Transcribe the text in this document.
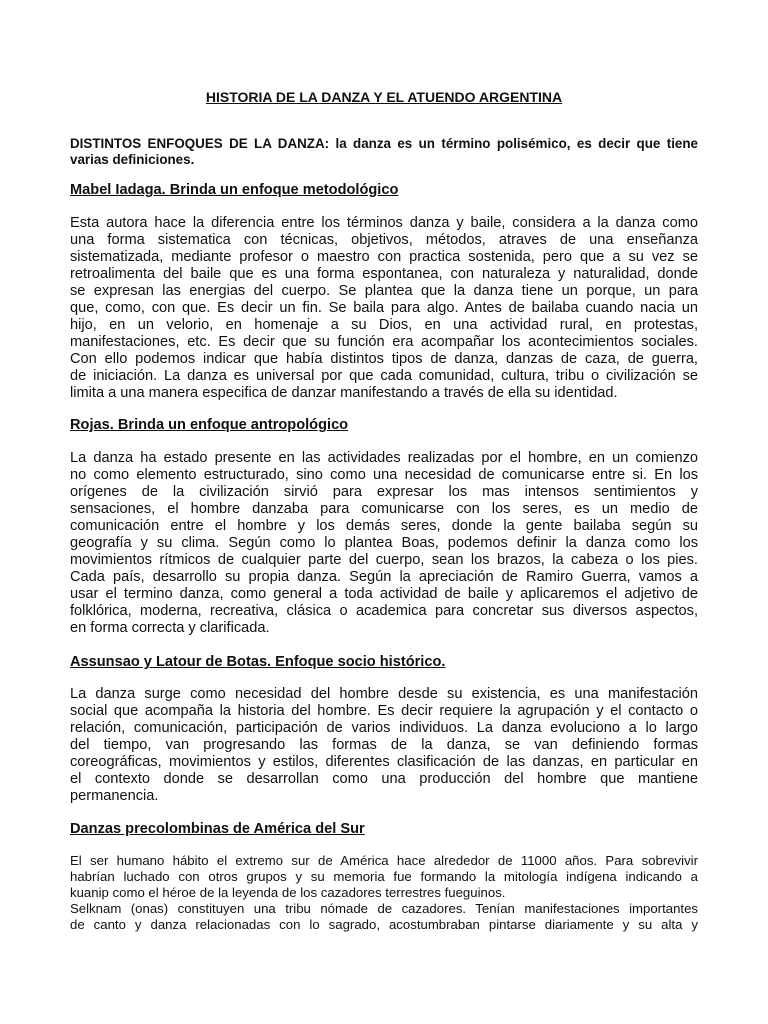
HISTORIA DE LA DANZA Y EL ATUENDO ARGENTINA

DISTINTOS ENFOQUES DE LA DANZA: la danza es un término polisémico, es decir que tiene varias definiciones.

Mabel Iadaga. Brinda un enfoque metodológico
Esta autora hace la diferencia entre los términos danza y baile, considera a la danza como
una forma sistematica con técnicas, objetivos, métodos, atraves de una enseñanza
sistematizada, mediante profesor o maestro con practica sostenida, pero que a su vez se
retroalimenta del baile que es una forma espontanea, con naturaleza y naturalidad, donde
se expresan las energias del cuerpo. Se plantea que la danza tiene un porque, un para
que, como, con que. Es decir un fin. Se baila para algo. Antes de bailaba cuando nacia un
hijo, en un velorio, en homenaje a su Dios, en una actividad rural, en protestas,
manifestaciones, etc. Es decir que su función era acompañar los acontecimientos sociales.
Con ello podemos indicar que había distintos tipos de danza, danzas de caza, de guerra,
de iniciación. La danza es universal por que cada comunidad, cultura, tribu o civilización se
limita a una manera especifica de danzar manifestando a través de ella su identidad.
Rojas. Brinda un enfoque antropológico
La danza ha estado presente en las actividades realizadas por el hombre, en un comienzo
no como elemento estructurado, sino como una necesidad de comunicarse entre si. En los
orígenes de la civilización sirvió para expresar los mas intensos sentimientos y
sensaciones, el hombre danzaba para comunicarse con los seres, es un medio de
comunicación entre el hombre y los demás seres, donde la gente bailaba según su
geografía y su clima. Según como lo plantea Boas, podemos definir la danza como los
movimientos rítmicos de cualquier parte del cuerpo, sean los brazos, la cabeza o los pies.
Cada país, desarrollo su propia danza. Según la apreciación de Ramiro Guerra, vamos a
usar el termino danza, como general a toda actividad de baile y aplicaremos el adjetivo de
folklórica, moderna, recreativa, clásica o academica para concretar sus diversos aspectos,
en forma correcta y clarificada.
Assunsao y Latour de Botas. Enfoque socio histórico.
La danza surge como necesidad del hombre desde su existencia, es una manifestación
social que acompaña la historia del hombre. Es decir requiere la agrupación y el contacto o
relación, comunicación, participación de varios individuos. La danza evoluciono a lo largo
del tiempo, van progresando las formas de la danza, se van definiendo formas
coreográficas, movimientos y estilos, diferentes clasificación de las danzas, en particular en
el contexto donde se desarrollan como una producción del hombre que mantiene
permanencia.
Danzas precolombinas de América del Sur
El ser humano hábito el extremo sur de América hace alrededor de 11000 años. Para sobrevivir
habrían luchado con otros grupos y su memoria fue formando la mitología indígena indicando a
kuanip como el héroe de la leyenda de los cazadores terrestres fueguinos.
Selknam (onas) constituyen una tribu nómade de cazadores. Tenían manifestaciones importantes
de canto y danza relacionadas con lo sagrado, acostumbraban pintarse diariamente y su alta y
